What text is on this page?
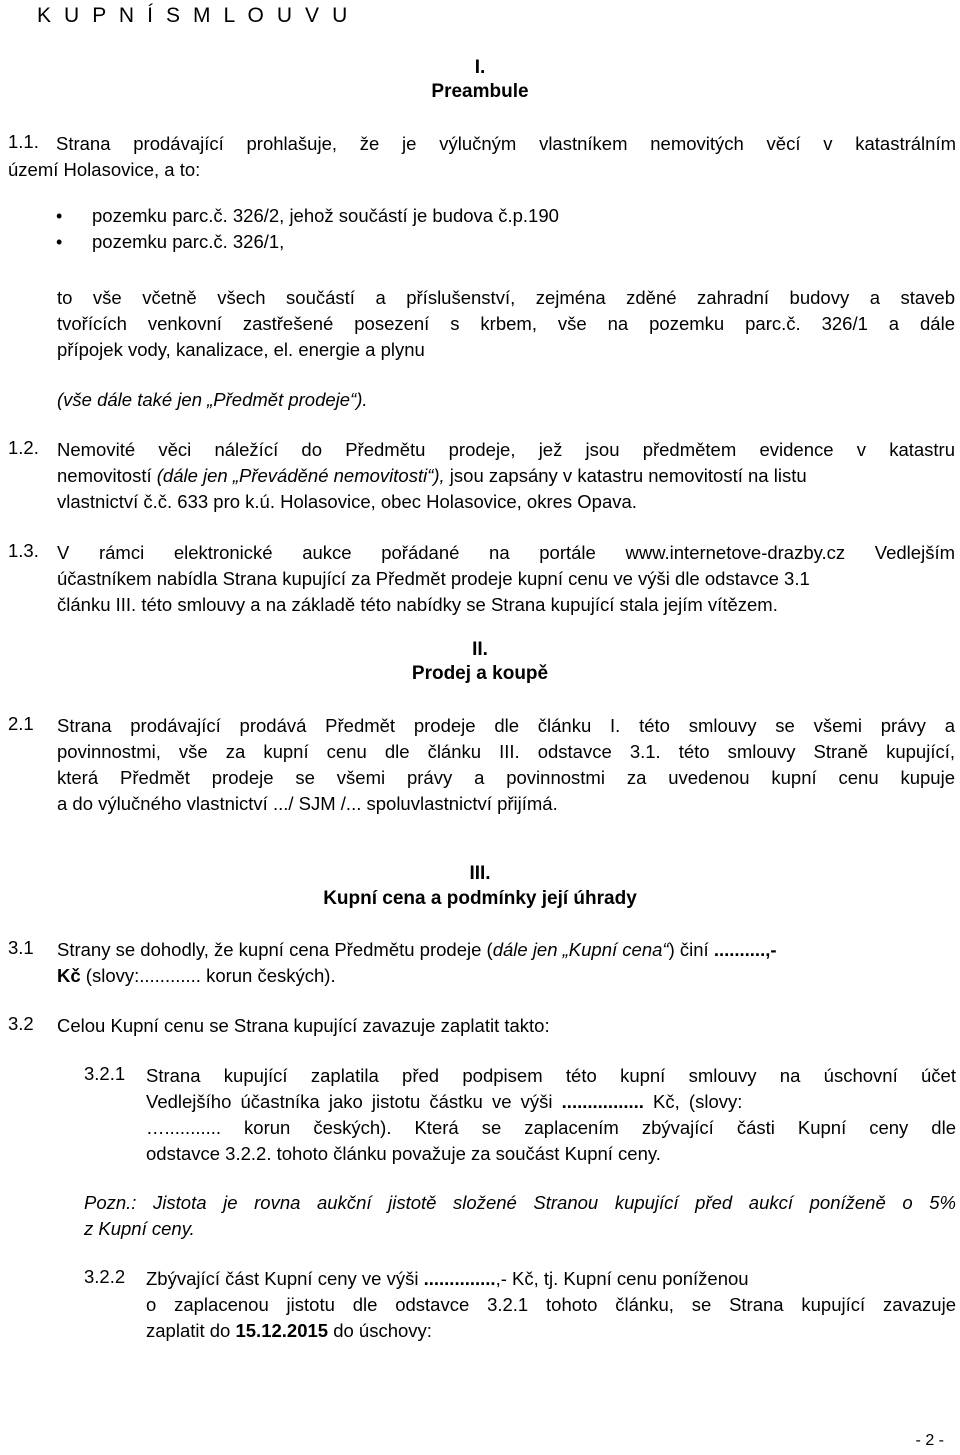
K U P N Í S M L O U V U
I.
Preambule
1.1. Strana prodávající prohlašuje, že je výlučným vlastníkem nemovitých věcí v katastrálním
území Holasovice, a to:
• pozemku parc.č. 326/2, jehož součástí je budova č.p.190
• pozemku parc.č. 326/1,
to vše včetně všech součástí a příslušenství, zejména zděné zahradní budovy a staveb
tvořících venkovní zastřešené posezení s krbem, vše na pozemku parc.č. 326/1 a dále
přípojek vody, kanalizace, el. energie a plynu
(vše dále také jen „Předmět prodeje“).
1.2. Nemovité věci náležící do Předmětu prodeje, jež jsou předmětem evidence v katastru
nemovitostí (dále jen „Převáděné nemovitosti“), jsou zapsány v katastru nemovitostí na listu
vlastnictví č.č. 633 pro k.ú. Holasovice, obec Holasovice, okres Opava.
1.3. V rámci elektronické aukce pořádané na portále www.internetove-drazby.cz Vedlejším
účastníkem nabídla Strana kupující za Předmět prodeje kupní cenu ve výši dle odstavce 3.1
článku III. této smlouvy a na základě této nabídky se Strana kupující stala jejím vítězem.
II.
Prodej a koupě
2.1 Strana prodávající prodává Předmět prodeje dle článku I. této smlouvy se všemi právy a
povinnostmi, vše za kupní cenu dle článku III. odstavce 3.1. této smlouvy Straně kupující,
která Předmět prodeje se všemi právy a povinnostmi za uvedenou kupní cenu kupuje
a do výlučného vlastnictví .../ SJM /... spoluvlastnictví přijímá.
III.
Kupní cena a podmínky její úhrady
3.1 Strany se dohodly, že kupní cena Předmětu prodeje (dále jen „Kupní cena“) činí ..........,-
Kč (slovy:............ korun českých).
3.2 Celou Kupní cenu se Strana kupující zavazuje zaplatit takto:
3.2.1 Strana kupující zaplatila před podpisem této kupní smlouvy na úschovní účet
Vedlejšího účastníka jako jistotu částku ve výši ................ Kč, (slovy:
…........... korun českých). Která se zaplacením zbývající části Kupní ceny dle
odstavce 3.2.2. tohoto článku považuje za součást Kupní ceny.
Pozn.: Jistota je rovna aukční jistotě složené Stranou kupující před aukcí poníženě o 5%
z Kupní ceny.
3.2.2 Zbývající část Kupní ceny ve výši ..............,- Kč, tj. Kupní cenu poníženou
o zaplacenou jistotu dle odstavce 3.2.1 tohoto článku, se Strana kupující zavazuje
zaplatit do 15.12.2015 do úschovy:
- 2 -
